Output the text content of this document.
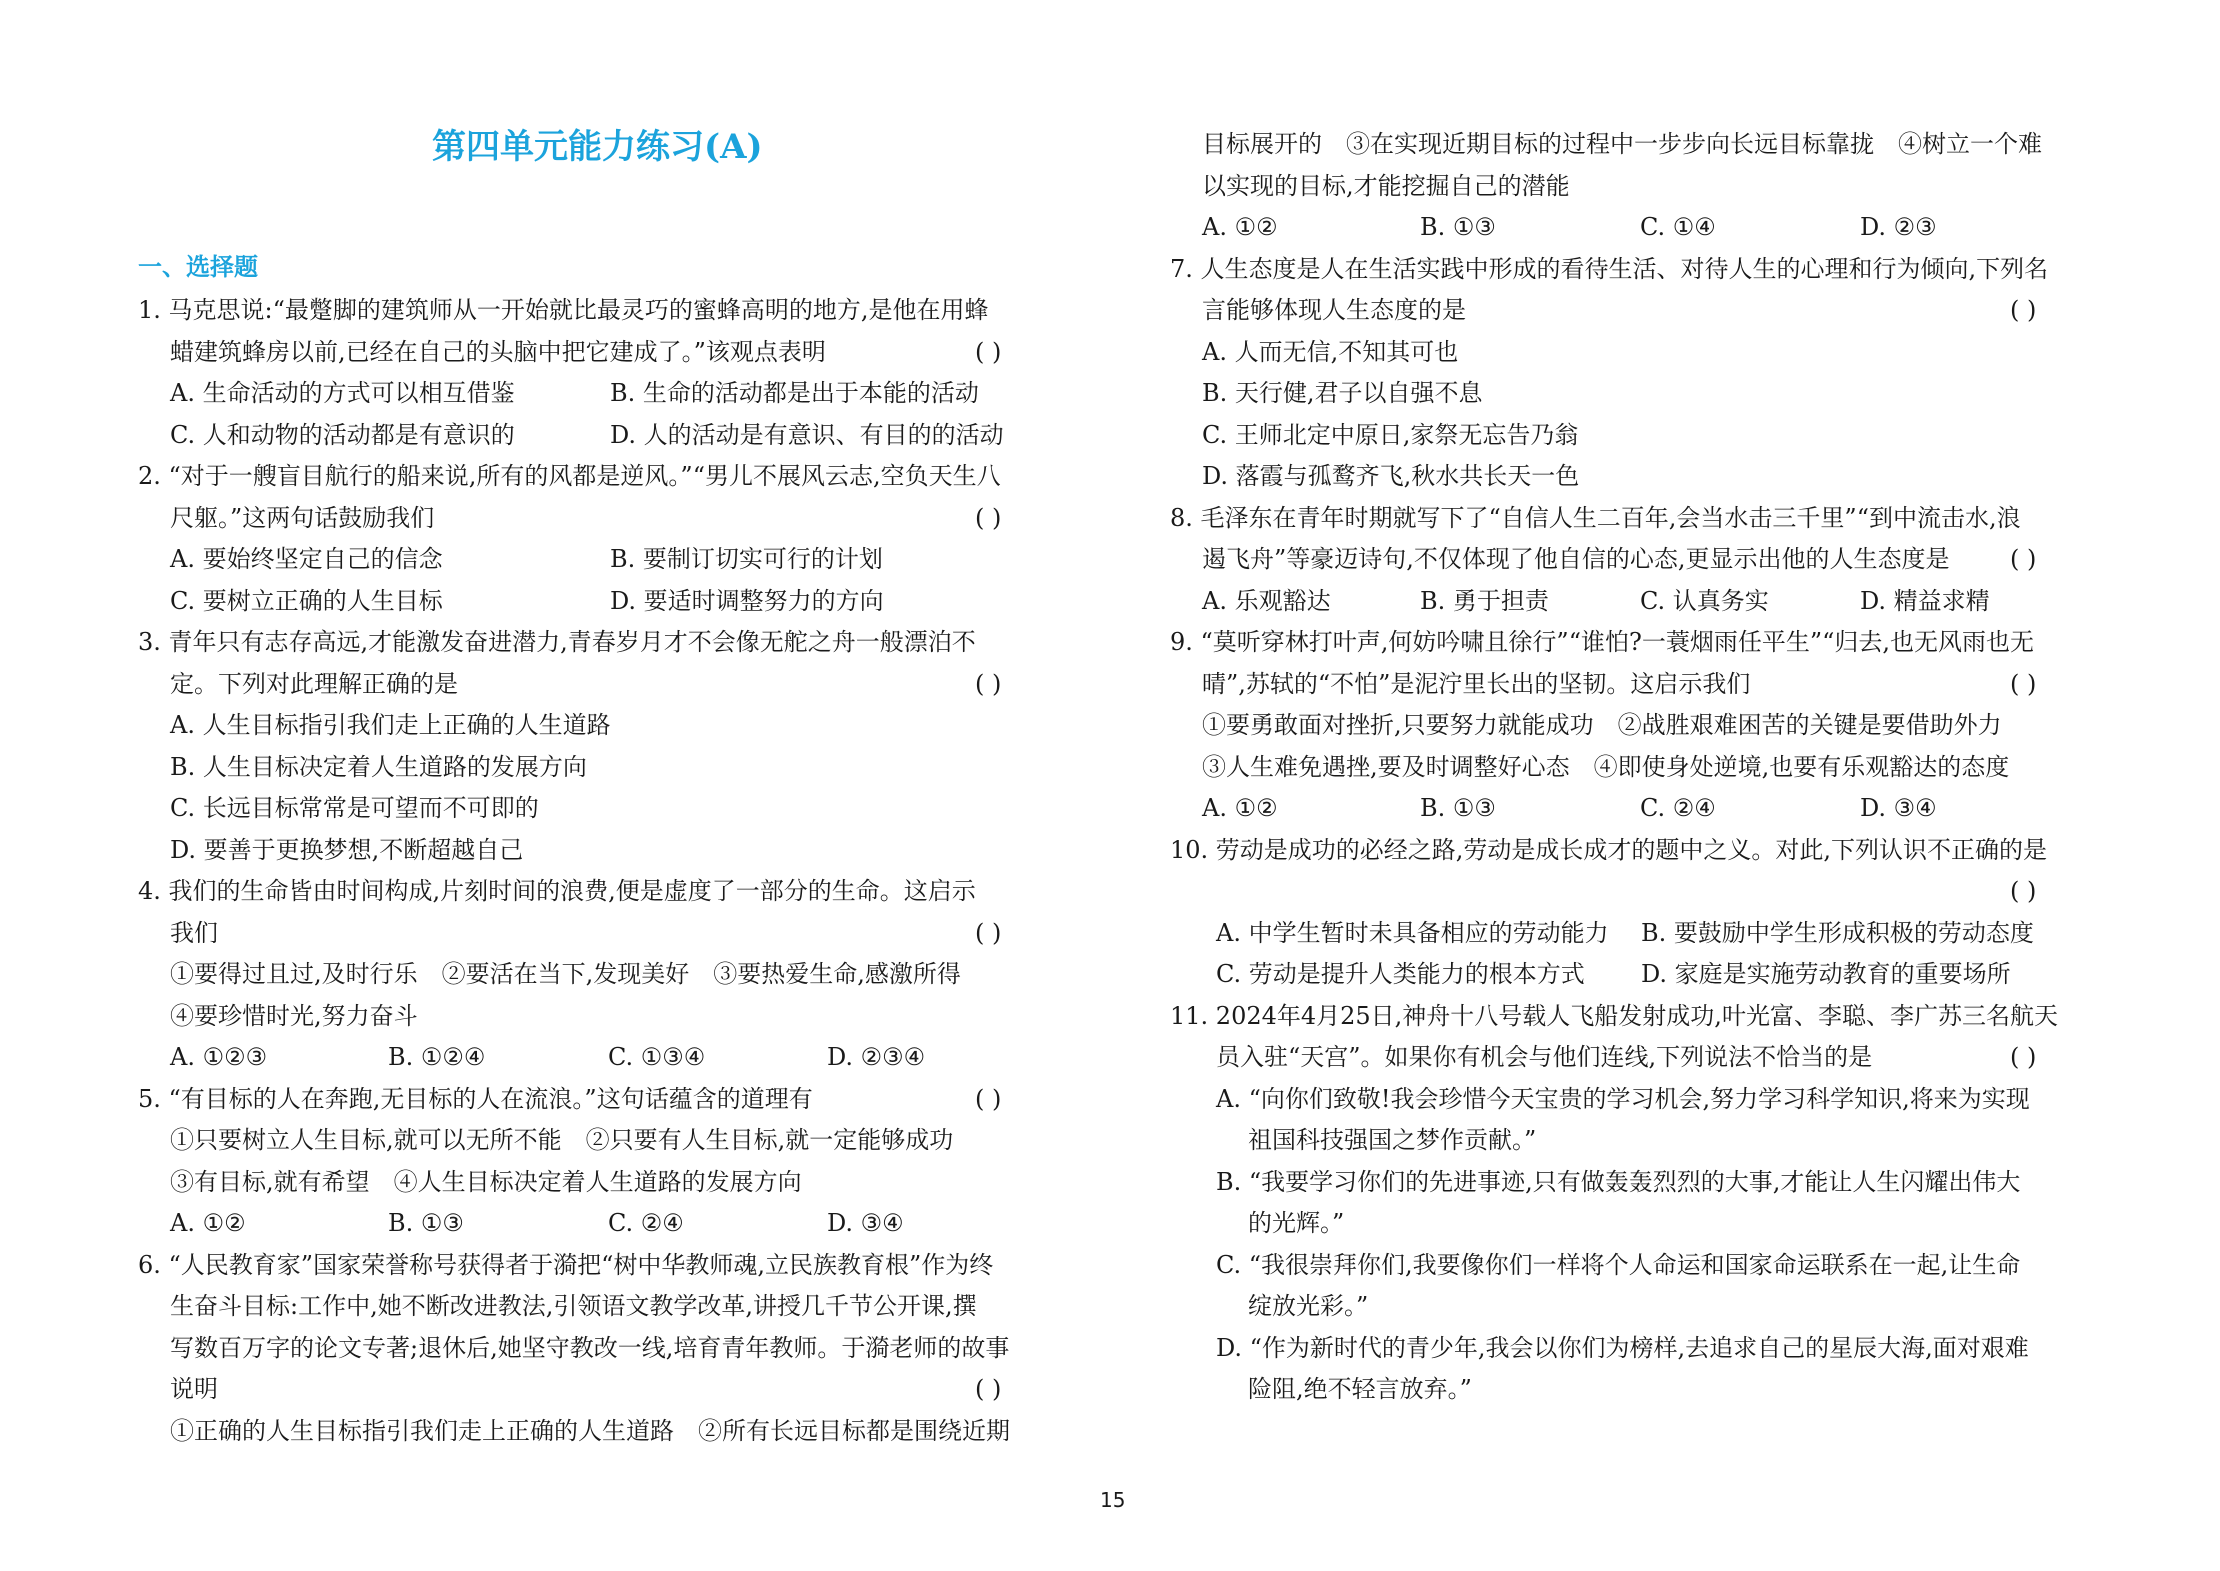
第四单元能力练习(A)
一、选择题
1. 马克思说:“最蹩脚的建筑师从一开始就比最灵巧的蜜蜂高明的地方,是他在用蜂
蜡建筑蜂房以前,已经在自己的头脑中把它建成了。”该观点表明	( )
A. 生命活动的方式可以相互借鉴	B. 生命的活动都是出于本能的活动
C. 人和动物的活动都是有意识的	D. 人的活动是有意识、有目的的活动
2. “对于一艘盲目航行的船来说,所有的风都是逆风。”“男儿不展风云志,空负天生八
尺躯。”这两句话鼓励我们	( )
A. 要始终坚定自己的信念	B. 要制订切实可行的计划
C. 要树立正确的人生目标	D. 要适时调整努力的方向
3. 青年只有志存高远,才能激发奋进潜力,青春岁月才不会像无舵之舟一般漂泊不
定。下列对此理解正确的是	( )
A. 人生目标指引我们走上正确的人生道路
B. 人生目标决定着人生道路的发展方向
C. 长远目标常常是可望而不可即的
D. 要善于更换梦想,不断超越自己
4. 我们的生命皆由时间构成,片刻时间的浪费,便是虚度了一部分的生命。这启示
我们	( )
①要得过且过,及时行乐　②要活在当下,发现美好　③要热爱生命,感激所得
④要珍惜时光,努力奋斗
A. ①②③	B. ①②④	C. ①③④	D. ②③④
5. “有目标的人在奔跑,无目标的人在流浪。”这句话蕴含的道理有	( )
①只要树立人生目标,就可以无所不能　②只要有人生目标,就一定能够成功
③有目标,就有希望　④人生目标决定着人生道路的发展方向
A. ①②	B. ①③	C. ②④	D. ③④
6. “人民教育家”国家荣誉称号获得者于漪把“树中华教师魂,立民族教育根”作为终
生奋斗目标:工作中,她不断改进教法,引领语文教学改革,讲授几千节公开课,撰
写数百万字的论文专著;退休后,她坚守教改一线,培育青年教师。于漪老师的故事
说明	( )
①正确的人生目标指引我们走上正确的人生道路　②所有长远目标都是围绕近期
目标展开的　③在实现近期目标的过程中一步步向长远目标靠拢　④树立一个难
以实现的目标,才能挖掘自己的潜能
A. ①②	B. ①③	C. ①④	D. ②③
7. 人生态度是人在生活实践中形成的看待生活、对待人生的心理和行为倾向,下列名
言能够体现人生态度的是	( )
A. 人而无信,不知其可也
B. 天行健,君子以自强不息
C. 王师北定中原日,家祭无忘告乃翁
D. 落霞与孤鹜齐飞,秋水共长天一色
8. 毛泽东在青年时期就写下了“自信人生二百年,会当水击三千里”“到中流击水,浪
遏飞舟”等豪迈诗句,不仅体现了他自信的心态,更显示出他的人生态度是	( )
A. 乐观豁达	B. 勇于担责	C. 认真务实	D. 精益求精
9. “莫听穿林打叶声,何妨吟啸且徐行”“谁怕?一蓑烟雨任平生”“归去,也无风雨也无
晴”,苏轼的“不怕”是泥泞里长出的坚韧。这启示我们	( )
①要勇敢面对挫折,只要努力就能成功　②战胜艰难困苦的关键是要借助外力
③人生难免遇挫,要及时调整好心态　④即使身处逆境,也要有乐观豁达的态度
A. ①②	B. ①③	C. ②④	D. ③④
10. 劳动是成功的必经之路,劳动是成长成才的题中之义。对此,下列认识不正确的是
( )
A. 中学生暂时未具备相应的劳动能力 B. 要鼓励中学生形成积极的劳动态度
C. 劳动是提升人类能力的根本方式 D. 家庭是实施劳动教育的重要场所
11. 2024年4月25日,神舟十八号载人飞船发射成功,叶光富、李聪、李广苏三名航天
员入驻“天宫”。如果你有机会与他们连线,下列说法不恰当的是	( )
A. “向你们致敬!我会珍惜今天宝贵的学习机会,努力学习科学知识,将来为实现
祖国科技强国之梦作贡献。”
B. “我要学习你们的先进事迹,只有做轰轰烈烈的大事,才能让人生闪耀出伟大
的光辉。”
C. “我很崇拜你们,我要像你们一样将个人命运和国家命运联系在一起,让生命
绽放光彩。”
D. “作为新时代的青少年,我会以你们为榜样,去追求自己的星辰大海,面对艰难
险阻,绝不轻言放弃。”
15
